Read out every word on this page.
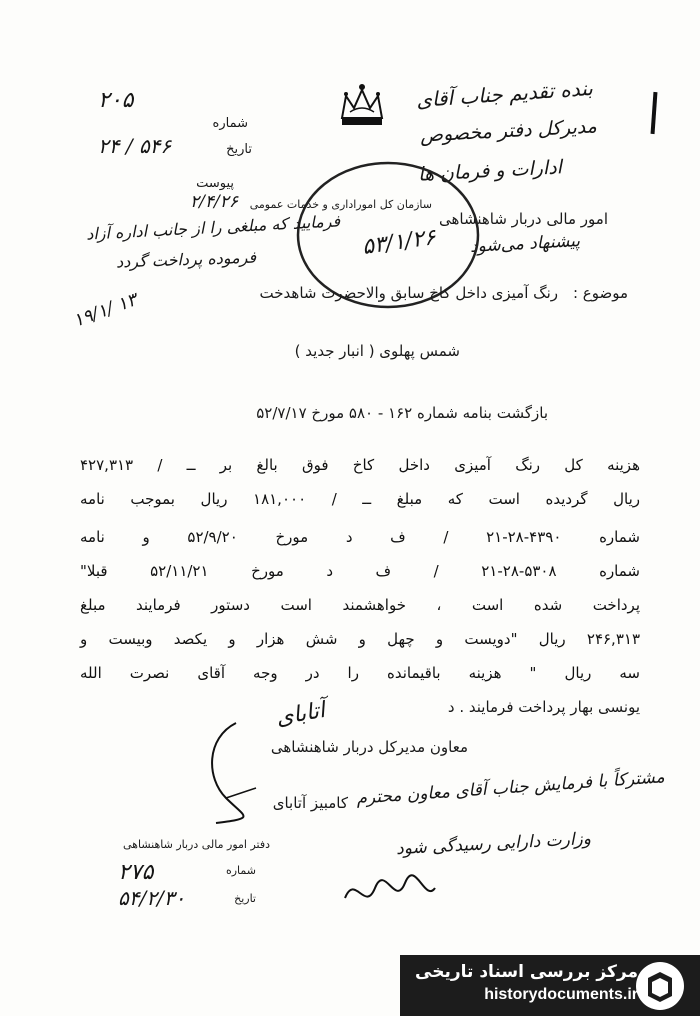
۲۰۵
شماره
۲۴ / ۵۴۶	تاریخ
پیوست
۲/۴/۲۶
فرمایید که مبلغی را از جانب اداره آزاد
فرموده پرداخت گردد
۱۹/۱/ ۱۳
بنده تقدیم جناب آقای
مدیرکل دفتر مخصوص
ادارات و فرمان ها
امور مالی دربار شاهنشاهی
پیشنهاد می‌شود
سازمان کل اموراداری و خدمات عمومی
۵۳/۱/۲۶
موضوع :
رنگ آمیزی داخل کاخ سابق والاحضرت شاهدخت
شمس پهلوی ( انبار جدید )
بازگشت بنامه شماره ۱۶۲ - ۵۸۰ مورخ ۵۲/۷/۱۷
هزینه کل رنگ آمیزی داخل کاخ فوق بالغ بر ــ / ۴۲۷,۳۱۳
ریال گردیده است که مبلغ ــ / ۱۸۱,۰۰۰ ریال بموجب نامه
شماره ۴۳۹۰-۲۸-۲۱ / ف د مورخ ۵۲/۹/۲۰ و نامه
شماره ۵۳۰۸-۲۸-۲۱ / ف د مورخ ۵۲/۱۱/۲۱ قبلا"
پرداخت شده است ، خواهشمند است دستور فرمایند مبلغ
۲۴۶,۳۱۳ ریال "دویست و چهل و شش هزار و یکصد وبیست و
سه ریال " هزینه باقیمانده را در وجه آقای نصرت الله
یونسی بهار پرداخت فرمایند . د
معاون مدیرکل دربار شاهنشاهی
آتابای
کامبیز آتابای مشترکاً با فرمایش جناب آقای معاون محترم
وزارت دارایی رسیدگی شود
دفتر امور مالی دربار شاهنشاهی
شماره
۲۷۵
تاریخ
۵۴/۲/۳۰
مرکز بررسی اسناد تاریخی
historydocuments.ir
